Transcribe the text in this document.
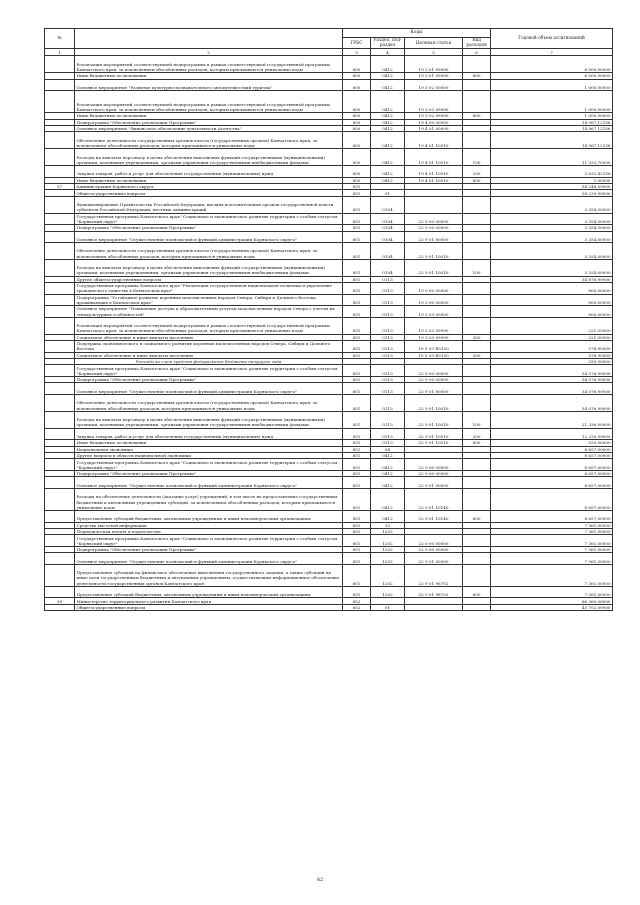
№		Коды				Годовой объем ассигнований
		ГРБС	Раздел, под-раздел	Целевая статья	Вид расходов	
1	2	3	4	5	6	7
	Реализация мероприятий соответствующей подпрограммы в рамках соответствующей государственной программы Камчатского края, за исключением обособленных расходов, которым присваиваются уникальные коды	850	0412	19 3 01 09990		6 000,00000
	Иные бюджетные ассигнования	850	0412	19 3 01 09990	800	6 000,00000
	Основное мероприятие "Развитие культурно-познавательного автопутешествий туризма"	850	0412	19 3 02 00000		1 000,00000
	Реализация мероприятий соответствующей подпрограммы в рамках соответствующей государственной программы Камчатского края, за исключением обособленных расходов, которым присваиваются уникальные коды	850	0412	19 3 02 09990		1 000,00000
	Иные бюджетные ассигнования	850	0412	19 3 02 09990	800	1 000,00000
	Подпрограмма "Обеспечение реализации Программы"	850	0412	19 4 00 00000		14 967,12156
	Основное мероприятие "Финансовое обеспечение деятельности Агентства"	850	0412	19 4 01 00000		14 967,12156
	Обеспечение деятельности государственных органов власти (государственных органов) Камчатского края, за исключением обособленных расходов, которым присваиваются уникальные коды	850	0412	19 4 01 10010		14 967,12156
	Расходы на выплаты персоналу в целях обеспечения выполнения функций государственными (муниципальными) органами, казенными учреждениями, органами управления государственными внебюджетными фондами	850	0412	19 4 01 10010	100	11 333,70000
	Закупка товаров, работ и услуг для обеспечения государственных (муниципальных) нужд	850	0412	19 4 01 10010	200	3 632,42156
	Иные бюджетные ассигнования	850	0412	19 4 01 10010	800	1,00000
37	Администрация Корякского округа	851				54 248,59000
	Общегосударственные вопросы	851	01			38 230,99000
	Функционирование Правительства Российской Федерации, высших исполнительных органов государственной власти субъектов Российской Федерации, местных администраций	851	0104			3 354,00000
	Государственная программа Камчатского края "Социальное и экономическое развитие территории с особым статусом "Корякский округ"	851	0104	22 0 00 00000		3 354,00000
	Подпрограмма "Обеспечение реализации Программы"	851	0104	22 9 00 00000		3 354,00000
	Основное мероприятие "Осуществление полномочий и функций администрации Корякского округа"	851	0104	22 9 01 00000		3 354,00000
	Обеспечение деятельности государственных органов власти (государственных органов) Камчатского края, за исключением обособленных расходов, которым присваиваются уникальные коды	851	0104	22 9 01 10010		3 354,00000
	Расходы на выплаты персоналу в целях обеспечения выполнения функций государственными (муниципальными) органами, казенными учреждениями, органами управления государственными внебюджетными фондами	851	0104	22 9 01 10010	100	3 354,00000
	Другие общегосударственные вопросы	851	0113			34 876,99000
	Государственная программа Камчатского края "Реализация государственной национальной политики и укрепление гражданского единства в Камчатском крае"	851	0113	19 0 00 00000		800,00000
	Подпрограмма "Устойчивое развитие коренных малочисленных народов Севера, Сибири и Дальнего Востока, проживающих в Камчатском крае"	851	0113	19 3 00 00000		800,00000
	Основное мероприятие "Повышение доступа к образовательным услугам малочисленных народов Севера с учетом их этнокультурных особенностей"	851	0113	19 3 03 00000		800,00000
	Реализация мероприятий соответствующей подпрограммы в рамках соответствующей государственной программы Камчатского края, за исключением обособленных расходов, которым присваиваются уникальные коды	851	0113	19 3 03 09990		221,05000
	Социальное обеспечение и иные выплаты населению	851	0113	19 3 03 09990	300	221,05000
	Поддержка экономического и социального развития коренных малочисленных народов Севера, Сибири и Дальнего Востока	851	0113	19 3 03 R5150		578,95000
	Социальное обеспечение и иные выплаты населению	851	0113	19 3 03 R5150	300	578,95000
	Расходы за счет средств федерального бюджета текущего года					550,00000
	Государственная программа Камчатского края "Социальное и экономическое развитие территории с особым статусом "Корякский округ"	851	0113	22 0 00 00000		34 076,99000
	Подпрограмма "Обеспечение реализации Программы"	851	0113	22 9 00 00000		34 076,99000
	Основное мероприятие "Осуществление полномочий и функций администрации Корякского округа"	851	0113	22 9 01 00000		34 076,99000
	Обеспечение деятельности государственных органов власти (государственных органов) Камчатского края, за исключением обособленных расходов, которым присваиваются уникальные коды	851	0113	22 9 01 10010		34 076,99000
	Расходы на выплаты персоналу в целях обеспечения выполнения функций государственными (муниципальными) органами, казенными учреждениями, органами управления государственными внебюджетными фондами	851	0113	22 9 01 10010	100	21 336,00000
	Закупка товаров, работ и услуг для обеспечения государственных (муниципальных) нужд	851	0113	22 9 01 10010	200	12 220,99000
	Иные бюджетные ассигнования	851	0113	22 9 01 10010	800	520,00000
	Национальная экономика	851	04			8 657,00000
	Другие вопросы в области национальной экономики	851	0412			8 657,00000
	Государственная программа Камчатского края "Социальное и экономическое развитие территории с особым статусом "Корякский округ"	851	0412	22 0 00 00000		8 657,00000
	Подпрограмма "Обеспечение реализации Программы"	851	0412	22 9 00 00000		8 657,00000
	Основное мероприятие "Осуществление полномочий и функций администрации Корякского округа"	851	0412	22 9 01 00000		8 657,00000
	Расходы на обеспечение деятельности (оказание услуг) учреждений, в том числе на предоставление государственным бюджетным и автономным учреждениям субсидий, за исключением обособленных расходов, которым присваиваются уникальные коды	851	0412	22 9 01 10140		8 657,00000
	Предоставление субсидий бюджетным, автономным учреждениям и иным некоммерческим организациям	851	0412	22 9 01 10140	600	8 657,00000
	Средства массовой информации	851	12			7 361,00000
	Периодическая печать и издательства	851	1202			7 361,00000
	Государственная программа Камчатского края "Социальное и экономическое развитие территории с особым статусом "Корякский округ"	851	1202	22 0 00 00000		7 361,00000
	Подпрограмма "Обеспечение реализации Программы"	851	1202	22 9 00 00000		7 361,00000
	Основное мероприятие "Осуществление полномочий и функций администрации Корякского округа"	851	1202	22 9 01 00000		7 361,00000
	Предоставление субсидий на финансовое обеспечение выполнения государственного задания, а также субсидий на иные цели государственным бюджетным и автономным учреждениям, осуществляющим информационное обеспечение деятельности государственных органов Камчатского края	851	1202	22 9 01 98702		7 361,00000
	Предоставление субсидий бюджетным, автономным учреждениям и иным некоммерческим организациям	851	1202	22 9 01 98702	600	7 361,00000
38	Министерство территориального развития Камчатского края	852				66 360,06000
	Общегосударственные вопросы	852	01			45 702,09000
82
